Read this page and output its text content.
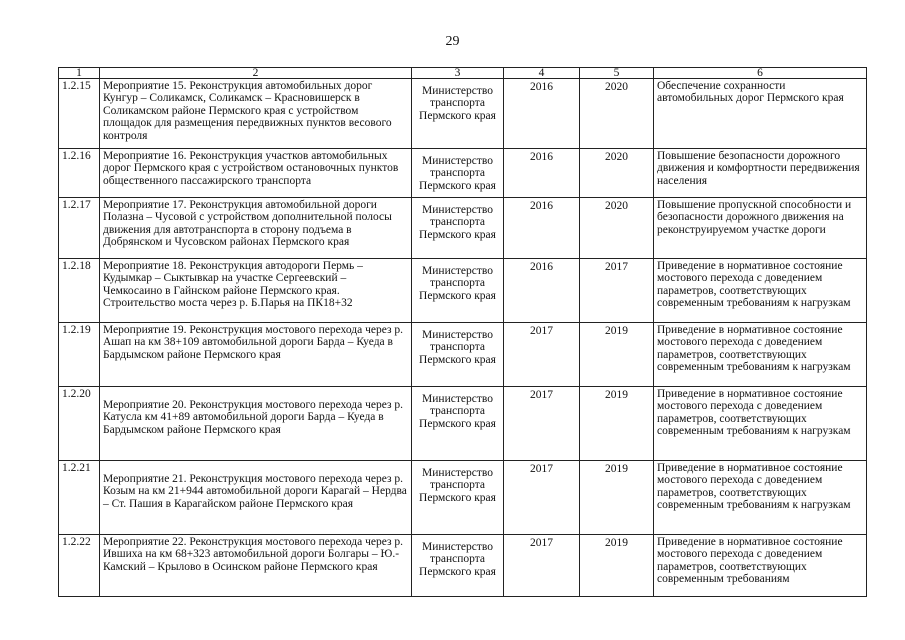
29
1	2	3	4	5	6
1.2.15	Мероприятие 15. Реконструкция автомобильных дорог Кунгур – Соликамск, Соликамск – Красновишерск в Соликамском районе Пермского края с устройством площадок для размещения передвижных пунктов весового контроля	Министерство транспорта Пермского края	2016	2020	Обеспечение сохранности автомобильных дорог Пермского края
1.2.16	Мероприятие 16. Реконструкция участков автомобильных дорог Пермского края с устройством остановочных пунктов общественного пассажирского транспорта	Министерство транспорта Пермского края	2016	2020	Повышение безопасности дорожного движения и комфортности передвижения населения
1.2.17	Мероприятие 17. Реконструкция автомобильной дороги Полазна – Чусовой с устройством дополнительной полосы движения для автотранспорта в сторону подъема в Добрянском и Чусовском районах Пермского края	Министерство транспорта Пермского края	2016	2020	Повышение пропускной способности и безопасности дорожного движения на реконструируемом участке дороги
1.2.18	Мероприятие 18. Реконструкция автодороги Пермь – Кудымкар – Сыктывкар на участке Сергеевский – Чемкосаино в Гайнском районе Пермского края. Строительство моста через р. Б.Парья на ПК18+32	Министерство транспорта Пермского края	2016	2017	Приведение в нормативное состояние мостового перехода с доведением параметров, соответствующих современным требованиям к нагрузкам
1.2.19	Мероприятие 19. Реконструкция мостового перехода через р. Ашап на км 38+109 автомобильной дороги Барда – Куеда в Бардымском районе Пермского края	Министерство транспорта Пермского края	2017	2019	Приведение в нормативное состояние мостового перехода с доведением параметров, соответствующих современным требованиям к нагрузкам
1.2.20	Мероприятие 20. Реконструкция мостового перехода через р. Катусла км 41+89 автомобильной дороги Барда – Куеда в Бардымском районе Пермского края	Министерство транспорта Пермского края	2017	2019	Приведение в нормативное состояние мостового перехода с доведением параметров, соответствующих современным требованиям к нагрузкам
1.2.21	Мероприятие 21. Реконструкция мостового перехода через р. Козым на км 21+944 автомобильной дороги Карагай – Нердва – Ст. Пашия в Карагайском районе Пермского края	Министерство транспорта Пермского края	2017	2019	Приведение в нормативное состояние мостового перехода с доведением параметров, соответствующих современным требованиям к нагрузкам
1.2.22	Мероприятие 22. Реконструкция мостового перехода через р. Ившиха на км 68+323 автомобильной дороги Болгары – Ю.-Камский – Крылово в Осинском районе Пермского края	Министерство транспорта Пермского края	2017	2019	Приведение в нормативное состояние мостового перехода с доведением параметров, соответствующих современным требованиям
